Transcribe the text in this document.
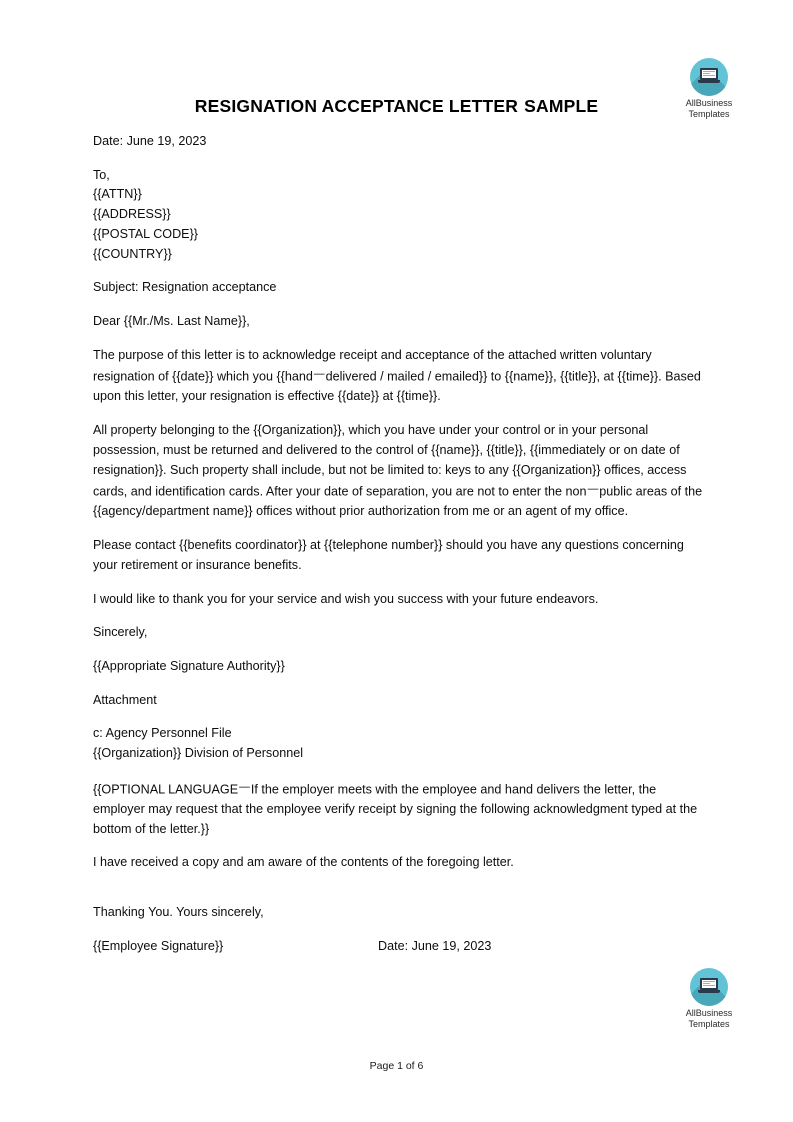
AllBusiness
Templates
RESIGNATION ACCEPTANCE LETTER SAMPLE
Date: June 19, 2023
To,
{{ATTN}}
{{ADDRESS}}
{{POSTAL CODE}}
{{COUNTRY}}
Subject: Resignation acceptance
Dear {{Mr./Ms. Last Name}},
The purpose of this letter is to acknowledge receipt and acceptance of the attached written voluntary resignation of {{date}} which you {{hand—delivered / mailed / emailed}} to {{name}}, {{title}}, at {{time}}. Based upon this letter, your resignation is effective {{date}} at {{time}}.
All property belonging to the {{Organization}}, which you have under your control or in your personal possession, must be returned and delivered to the control of {{name}}, {{title}}, {{immediately or on date of resignation}}. Such property shall include, but not be limited to: keys to any {{Organization}} offices, access cards, and identification cards. After your date of separation, you are not to enter the non—public areas of the {{agency/department name}} offices without prior authorization from me or an agent of my office.
Please contact {{benefits coordinator}} at {{telephone number}} should you have any questions concerning your retirement or insurance benefits.
I would like to thank you for your service and wish you success with your future endeavors.
Sincerely,
{{Appropriate Signature Authority}}
Attachment
c: Agency Personnel File
{{Organization}} Division of Personnel
{{OPTIONAL LANGUAGE—If the employer meets with the employee and hand delivers the letter, the employer may request that the employee verify receipt by signing the following acknowledgment typed at the bottom of the letter.}}
I have received a copy and am aware of the contents of the foregoing letter.
Thanking You. Yours sincerely,
{{Employee Signature}}	Date: June 19, 2023
AllBusiness
Templates
Page 1 of 6
